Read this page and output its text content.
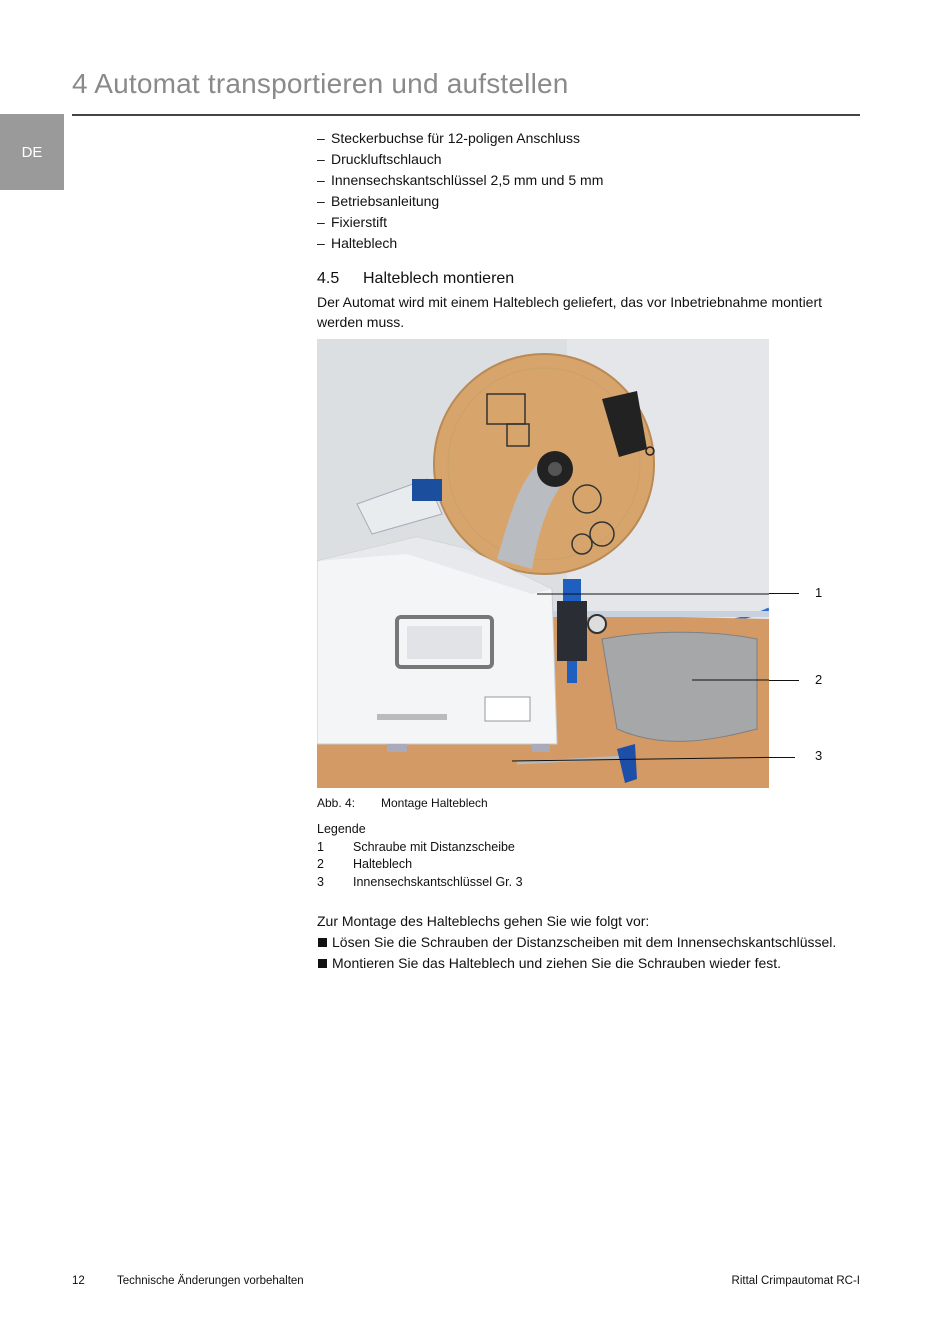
4 Automat transportieren und aufstellen
DE
– Steckerbuchse für 12-poligen Anschluss
– Druckluftschlauch
– Innensechskantschlüssel 2,5 mm und 5 mm
– Betriebsanleitung
– Fixierstift
– Halteblech
4.5	Halteblech montieren
Der Automat wird mit einem Halteblech geliefert, das vor Inbetriebnahme montiert werden muss.
1
2
3
Abb. 4:	Montage Halteblech
Legende
1	Schraube mit Distanzscheibe
2	Halteblech
3	Innensechskantschlüssel Gr. 3
Zur Montage des Halteblechs gehen Sie wie folgt vor:
Lösen Sie die Schrauben der Distanzscheiben mit dem Innensechskantschlüssel.
Montieren Sie das Halteblech und ziehen Sie die Schrauben wieder fest.
12	Technische Änderungen vorbehalten	Rittal Crimpautomat RC-I
